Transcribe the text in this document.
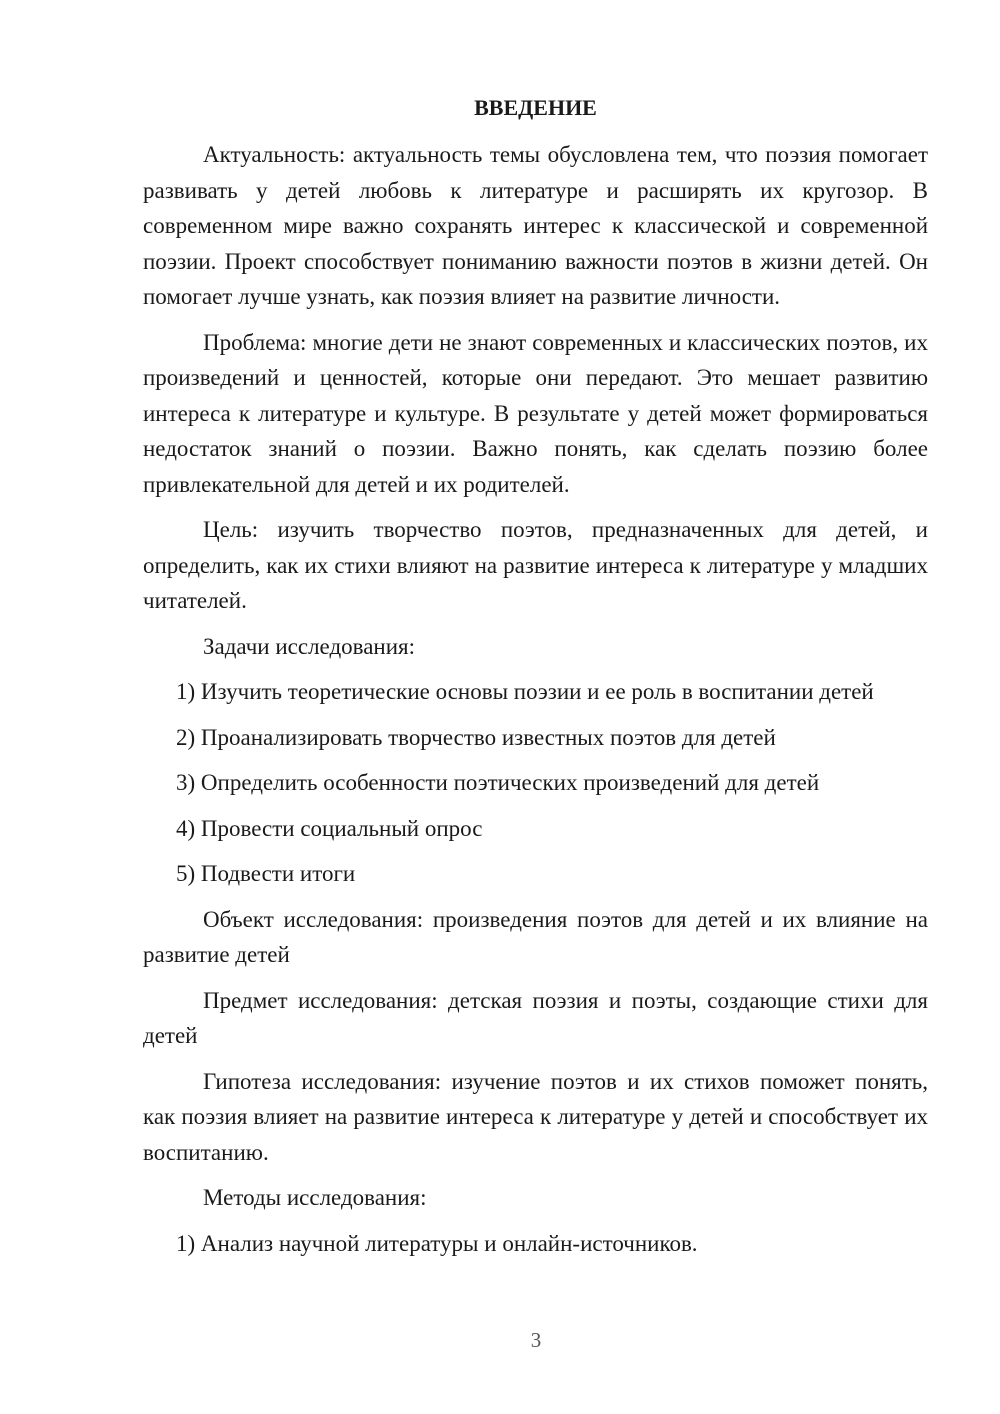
ВВЕДЕНИЕ

Актуальность: актуальность темы обусловлена тем, что поэзия помогает развивать у детей любовь к литературе и расширять их кругозор. В современном мире важно сохранять интерес к классической и современной поэзии. Проект способствует пониманию важности поэтов в жизни детей. Он помогает лучше узнать, как поэзия влияет на развитие личности.

Проблема: многие дети не знают современных и классических поэтов, их произведений и ценностей, которые они передают. Это мешает развитию интереса к литературе и культуре. В результате у детей может формироваться недостаток знаний о поэзии. Важно понять, как сделать поэзию более привлекательной для детей и их родителей.

Цель: изучить творчество поэтов, предназначенных для детей, и определить, как их стихи влияют на развитие интереса к литературе у младших читателей.

Задачи исследования:

1) Изучить теоретические основы поэзии и ее роль в воспитании детей

2) Проанализировать творчество известных поэтов для детей

3) Определить особенности поэтических произведений для детей

4) Провести социальный опрос

5) Подвести итоги

Объект исследования: произведения поэтов для детей и их влияние на развитие детей

Предмет исследования: детская поэзия и поэты, создающие стихи для детей

Гипотеза исследования: изучение поэтов и их стихов поможет понять, как поэзия влияет на развитие интереса к литературе у детей и способствует их воспитанию.

Методы исследования:

1) Анализ научной литературы и онлайн-источников.

3
